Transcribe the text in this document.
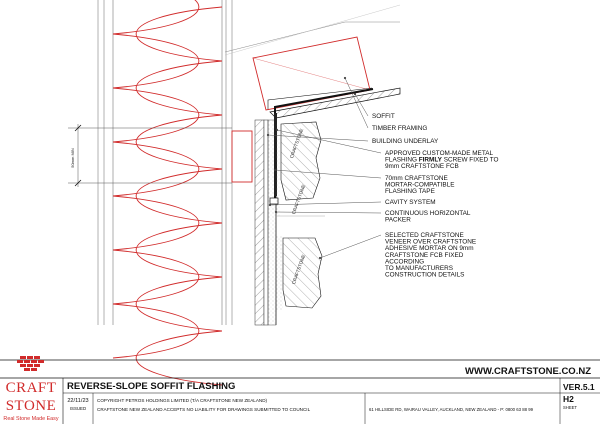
50mm MIN	CRAFTSTONE
CRAFTSTONE
CRAFTSTONE
SOFFIT
TIMBER FRAMING
BUILDING UNDERLAY
APPROVED CUSTOM-MADE METAL
FLASHING FIRMLY SCREW FIXED TO
9mm CRAFTSTONE FCB
70mm CRAFTSTONE
MORTAR-COMPATIBLE
FLASHING TAPE
CAVITY SYSTEM
CONTINUOUS HORIZONTAL
PACKER
SELECTED CRAFTSTONE
VENEER OVER CRAFTSTONE
ADHESIVE MORTAR ON 9mm
CRAFTSTONE FCB FIXED
ACCORDING
TO MANUFACTURERS
CONSTRUCTION DETAILS
CRAFT
STONE
Real Stone Made Easy
WWW.CRAFTSTONE.CO.NZ
REVERSE-SLOPE SOFFIT FLASHING
22/11/23
ISSUED
COPYRIGHT PETROS HOLDINGS LIMITED (T/A CRAFTSTONE NEW ZEALAND)
CRAFTSTONE NEW ZEALAND ACCEPTS NO LIABILITY FOR DRAWINGS SUBMITTED TO COUNCIL	61 HILLSIDE RD, WAIRAU VALLEY, AUCKLAND, NEW ZEALAND - P: 0800 63 88 99
VER.5.1
H2
SHEET
